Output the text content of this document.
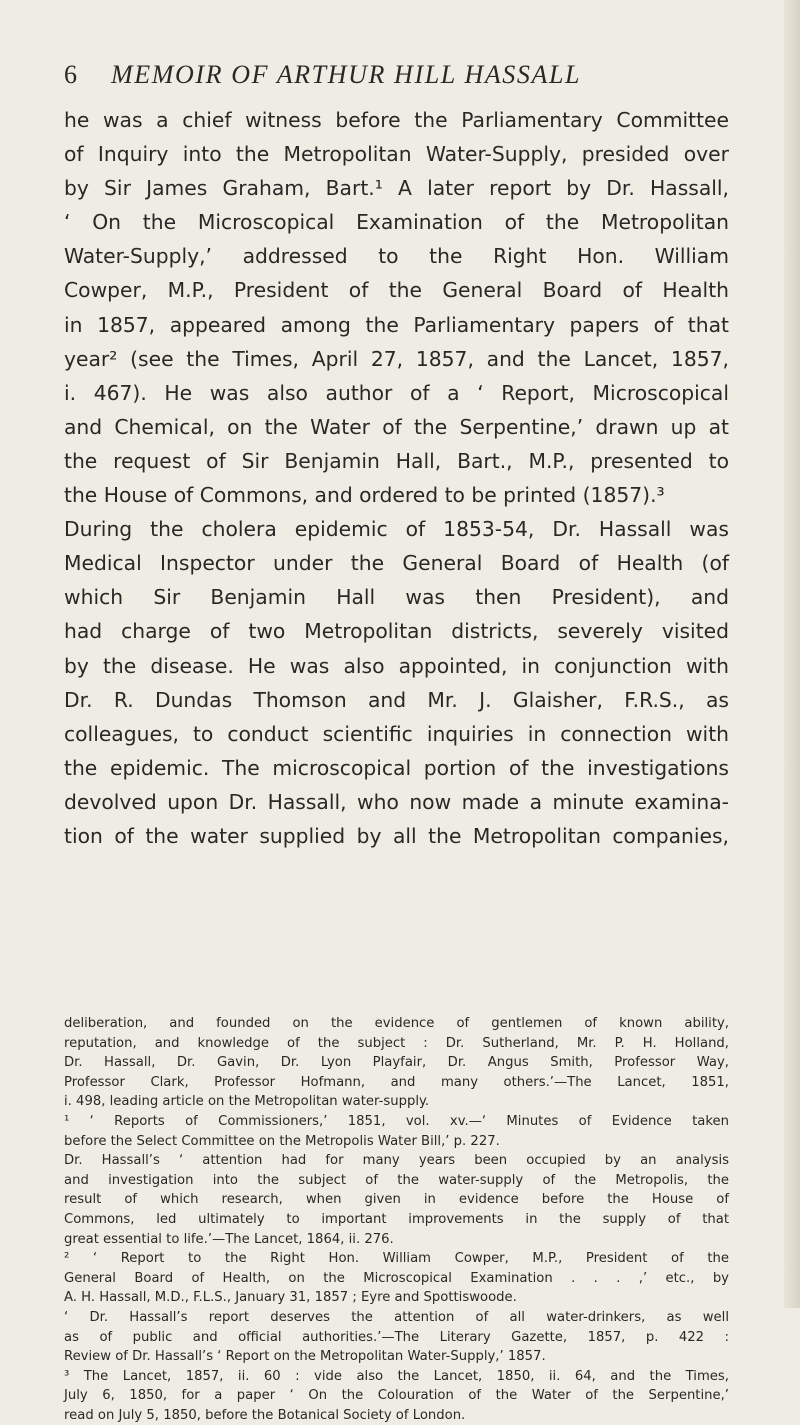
6 MEMOIR OF ARTHUR HILL HASSALL
he was a chief witness before the Parliamentary Committee
of Inquiry into the Metropolitan Water-Supply, presided over
by Sir James Graham, Bart.¹ A later report by Dr. Hassall,
‘ On the Microscopical Examination of the Metropolitan
Water-Supply,’ addressed to the Right Hon. William
Cowper, M.P., President of the General Board of Health
in 1857, appeared among the Parliamentary papers of that
year² (see the Times, April 27, 1857, and the Lancet, 1857,
i. 467). He was also author of a ‘ Report, Microscopical
and Chemical, on the Water of the Serpentine,’ drawn up at
the request of Sir Benjamin Hall, Bart., M.P., presented to
the House of Commons, and ordered to be printed (1857).³
During the cholera epidemic of 1853-54, Dr. Hassall was
Medical Inspector under the General Board of Health (of
which Sir Benjamin Hall was then President), and
had charge of two Metropolitan districts, severely visited
by the disease. He was also appointed, in conjunction with
Dr. R. Dundas Thomson and Mr. J. Glaisher, F.R.S., as
colleagues, to conduct scientific inquiries in connection with
the epidemic. The microscopical portion of the investigations
devolved upon Dr. Hassall, who now made a minute examina-
tion of the water supplied by all the Metropolitan companies,
deliberation, and founded on the evidence of gentlemen of known ability,
reputation, and knowledge of the subject : Dr. Sutherland, Mr. P. H. Holland,
Dr. Hassall, Dr. Gavin, Dr. Lyon Playfair, Dr. Angus Smith, Professor Way,
Professor Clark, Professor Hofmann, and many others.’—The Lancet, 1851,
i. 498, leading article on the Metropolitan water-supply.
¹ ‘ Reports of Commissioners,’ 1851, vol. xv.—‘ Minutes of Evidence taken
before the Select Committee on the Metropolis Water Bill,’ p. 227.
Dr. Hassall’s ‘ attention had for many years been occupied by an analysis
and investigation into the subject of the water-supply of the Metropolis, the
result of which research, when given in evidence before the House of
Commons, led ultimately to important improvements in the supply of that
great essential to life.’—The Lancet, 1864, ii. 276.
² ‘ Report to the Right Hon. William Cowper, M.P., President of the
General Board of Health, on the Microscopical Examination . . . ,’ etc., by
A. H. Hassall, M.D., F.L.S., January 31, 1857 ; Eyre and Spottiswoode.
‘ Dr. Hassall’s report deserves the attention of all water-drinkers, as well
as of public and official authorities.’—The Literary Gazette, 1857, p. 422 :
Review of Dr. Hassall’s ‘ Report on the Metropolitan Water-Supply,’ 1857.
³ The Lancet, 1857, ii. 60 : vide also the Lancet, 1850, ii. 64, and the Times,
July 6, 1850, for a paper ‘ On the Colouration of the Water of the Serpentine,’
read on July 5, 1850, before the Botanical Society of London.
